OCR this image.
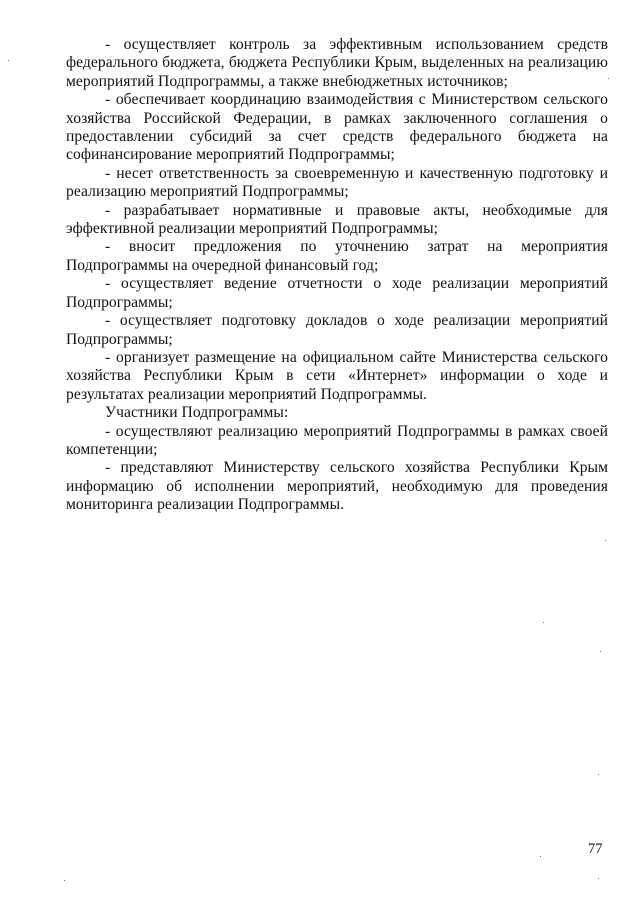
- осуществляет контроль за эффективным использованием средств федерального бюджета, бюджета Республики Крым, выделенных на реализацию мероприятий Подпрограммы, а также внебюджетных источников;

- обеспечивает координацию взаимодействия с Министерством сельского хозяйства Российской Федерации, в рамках заключенного соглашения о предоставлении субсидий за счет средств федерального бюджета на софинансирование мероприятий Подпрограммы;

- несет ответственность за своевременную и качественную подготовку и реализацию мероприятий Подпрограммы;

- разрабатывает нормативные и правовые акты, необходимые для эффективной реализации мероприятий Подпрограммы;

- вносит предложения по уточнению затрат на мероприятия Подпрограммы на очередной финансовый год;

- осуществляет ведение отчетности о ходе реализации мероприятий Подпрограммы;

- осуществляет подготовку докладов о ходе реализации мероприятий Подпрограммы;

- организует размещение на официальном сайте Министерства сельского хозяйства Республики Крым в сети «Интернет» информации о ходе и результатах реализации мероприятий Подпрограммы.

Участники Подпрограммы:

- осуществляют реализацию мероприятий Подпрограммы в рамках своей компетенции;

- представляют Министерству сельского хозяйства Республики Крым информацию об исполнении мероприятий, необходимую для проведения мониторинга реализации Подпрограммы.

77
